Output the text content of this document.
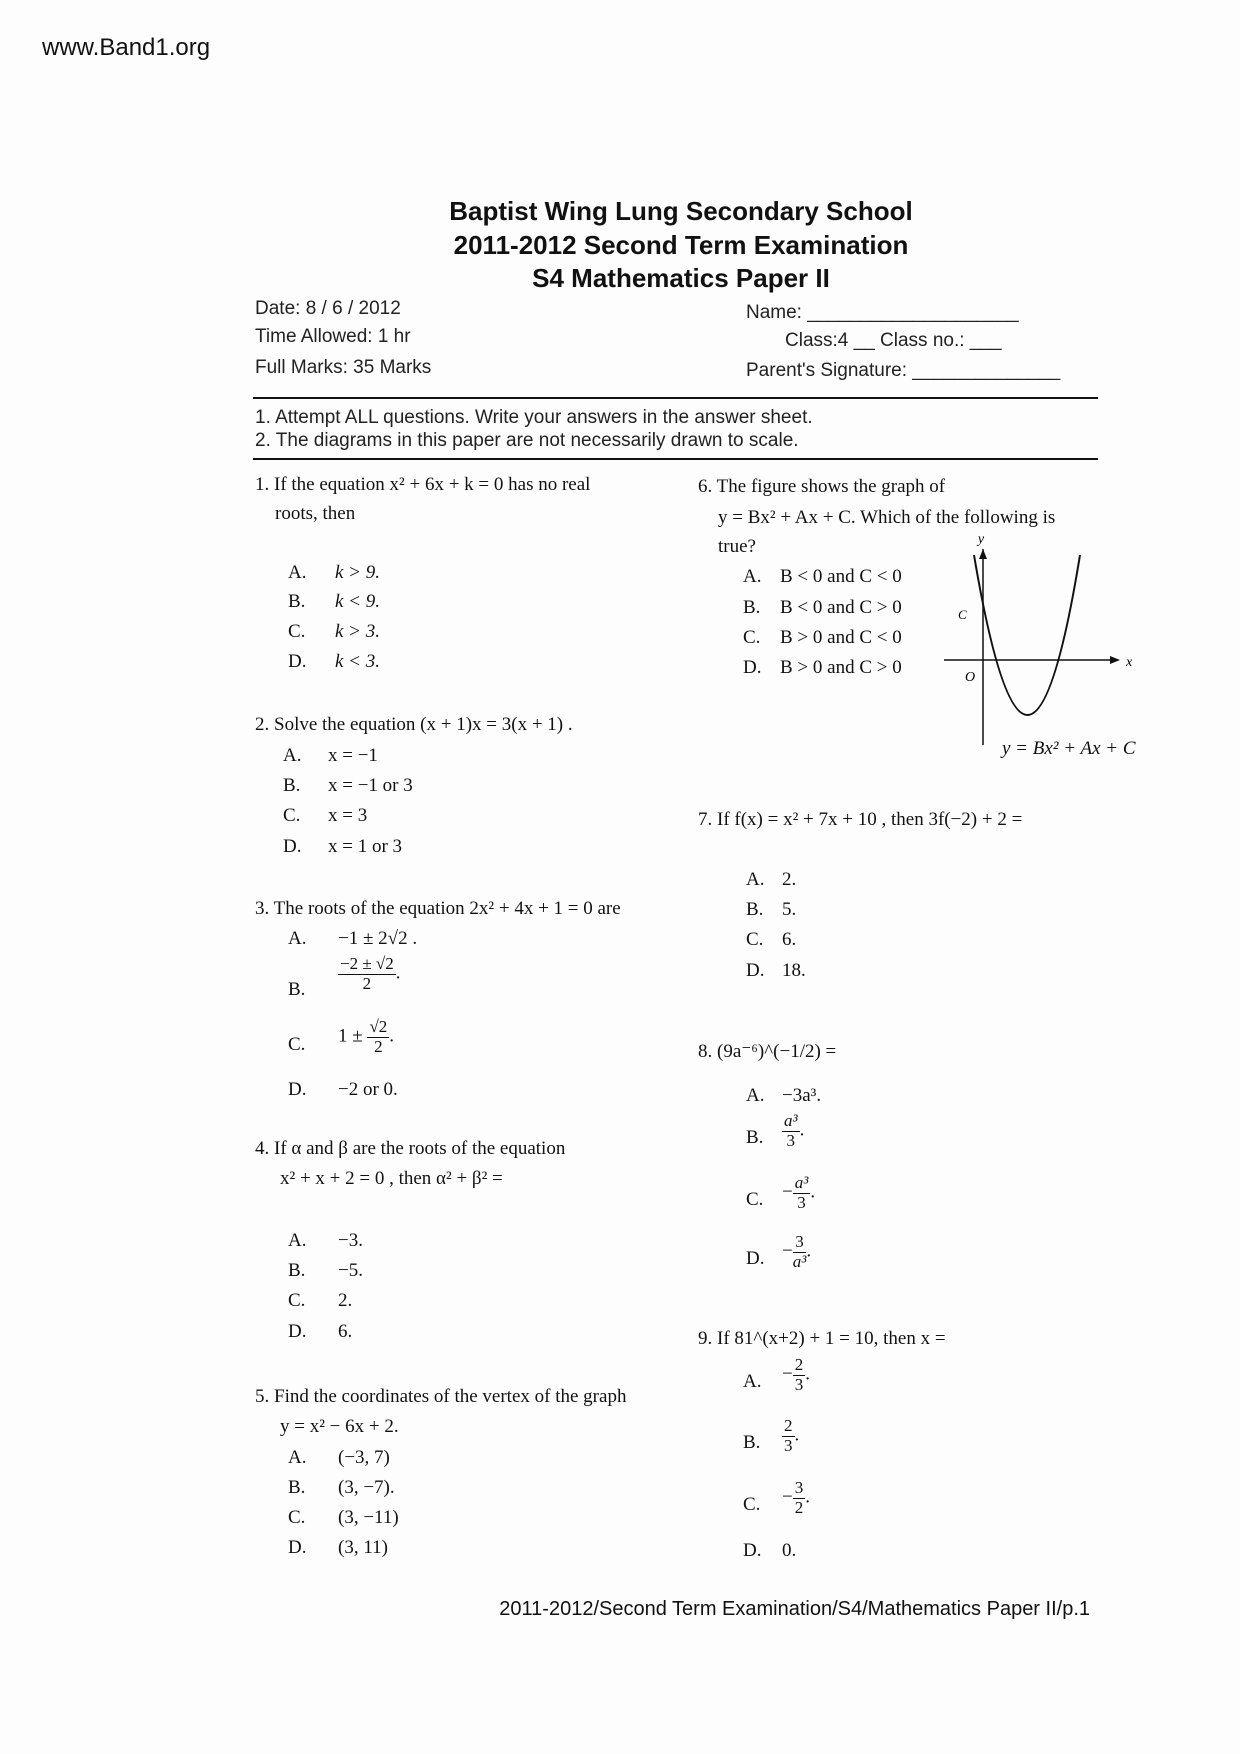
www.Band1.org
Baptist Wing Lung Secondary School
2011-2012 Second Term Examination
S4 Mathematics Paper II
Date: 8 / 6 / 2012
Time Allowed: 1 hr
Full Marks: 35 Marks
Name: ____________________
Class:4 __ Class no.: ___
Parent's Signature: ______________
1. Attempt ALL questions. Write your answers in the answer sheet.
2. The diagrams in this paper are not necessarily drawn to scale.
1. If the equation x² + 6x + k = 0 has no real
roots, then
A. k > 9.
B. k < 9.
C. k > 3.
D. k < 3.
2. Solve the equation (x + 1)x = 3(x + 1) .
A. x = −1
B. x = −1 or 3
C. x = 3
D. x = 1 or 3
3. The roots of the equation 2x² + 4x + 1 = 0 are
A. −1 ± 2√2 .
B. $\frac{-2 \pm √2}{2}$ .
C. $1 \pm \frac{√2}{2}$ .
D. −2 or 0.
4. If α and β are the roots of the equation
x² + x + 2 = 0 , then α² + β² =
A. −3.
B. −5.
C. 2.
D. 6.
5. Find the coordinates of the vertex of the graph
y = x² − 6x + 2.
A. (−3, 7)
B. (3, −7).
C. (3, −11)
D. (3, 11)
6. The figure shows the graph of
y = Bx² + Ax + C. Which of the following is
true?
A. B < 0 and C < 0
B. B < 0 and C > 0
C. B > 0 and C < 0
D. B > 0 and C > 0
y
x
O
C
y = Bx² + Ax + C
7. If f(x) = x² + 7x + 10 , then 3f(−2) + 2 =
A. 2.
B. 5.
C. 6.
D. 18.
8. (9a⁻⁶)^(−1/2) =
A. −3a³.
B. $\frac{\text{a³}}{3}$ .
C. − $\frac{\text{a³}}{3}$ .
D. − $\frac{3}{\text{a³}}$ .
9. If 81^(x+2) + 1 = 10, then x =
A. − $\frac{2}{3}$ .
B. $\frac{2}{3}$ .
C. − $\frac{3}{2}$ .
D. 0.
2011-2012/Second Term Examination/S4/Mathematics Paper II/p.1
